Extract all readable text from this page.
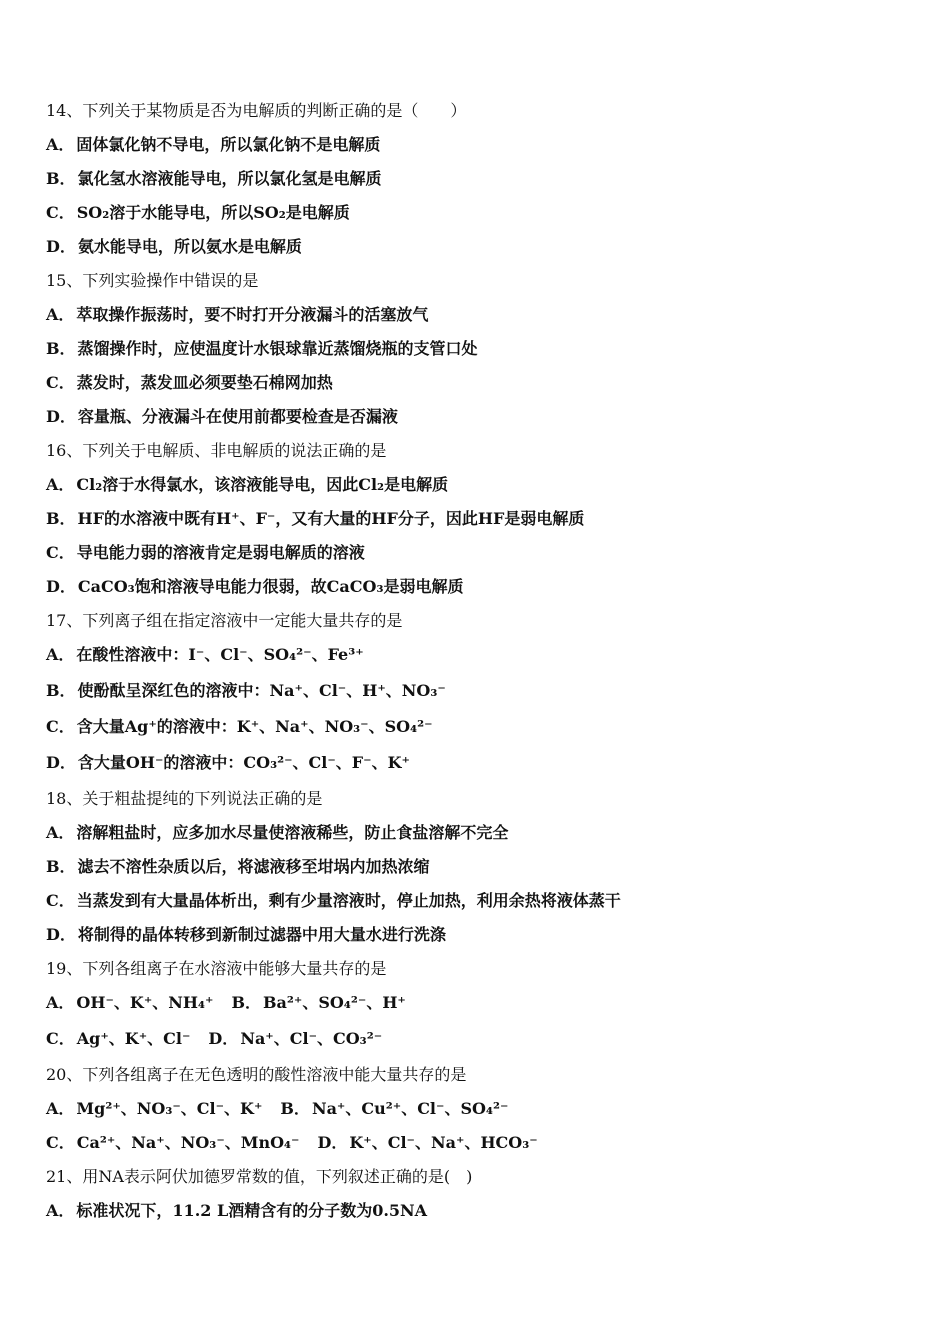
14、下列关于某物质是否为电解质的判断正确的是（　　）
A． 固体氯化钠不导电，所以氯化钠不是电解质
B． 氯化氢水溶液能导电，所以氯化氢是电解质
C． SO₂溶于水能导电，所以SO₂是电解质
D． 氨水能导电，所以氨水是电解质
15、下列实验操作中错误的是
A． 萃取操作振荡时，要不时打开分液漏斗的活塞放气
B． 蒸馏操作时，应使温度计水银球靠近蒸馏烧瓶的支管口处
C． 蒸发时，蒸发皿必须要垫石棉网加热
D． 容量瓶、分液漏斗在使用前都要检查是否漏液
16、下列关于电解质、非电解质的说法正确的是
A． Cl₂溶于水得氯水，该溶液能导电，因此Cl₂是电解质
B． HF的水溶液中既有H⁺、F⁻，又有大量的HF分子，因此HF是弱电解质
C． 导电能力弱的溶液肯定是弱电解质的溶液
D． CaCO₃饱和溶液导电能力很弱，故CaCO₃是弱电解质
17、下列离子组在指定溶液中一定能大量共存的是
A． 在酸性溶液中：I⁻、Cl⁻、SO₄²⁻、Fe³⁺
B． 使酚酞呈深红色的溶液中：Na⁺、Cl⁻、H⁺、NO₃⁻
C． 含大量Ag⁺的溶液中：K⁺、Na⁺、NO₃⁻、SO₄²⁻
D． 含大量OH⁻的溶液中：CO₃²⁻、Cl⁻、F⁻、K⁺
18、关于粗盐提纯的下列说法正确的是
A． 溶解粗盐时，应多加水尽量使溶液稀些，防止食盐溶解不完全
B． 滤去不溶性杂质以后，将滤液移至坩埚内加热浓缩
C． 当蒸发到有大量晶体析出，剩有少量溶液时，停止加热，利用余热将液体蒸干
D． 将制得的晶体转移到新制过滤器中用大量水进行洗涤
19、下列各组离子在水溶液中能够大量共存的是
A． OH⁻、K⁺、NH₄⁺ B． Ba²⁺、SO₄²⁻、H⁺
C． Ag⁺、K⁺、Cl⁻ D． Na⁺、Cl⁻、CO₃²⁻
20、下列各组离子在无色透明的酸性溶液中能大量共存的是
A． Mg²⁺、NO₃⁻、Cl⁻、K⁺ B． Na⁺、Cu²⁺、Cl⁻、SO₄²⁻
C． Ca²⁺、Na⁺、NO₃⁻、MnO₄⁻ D． K⁺、Cl⁻、Na⁺、HCO₃⁻
21、用NA表示阿伏加德罗常数的值，下列叙述正确的是(　)
A． 标准状况下，11.2 L酒精含有的分子数为0.5NA
